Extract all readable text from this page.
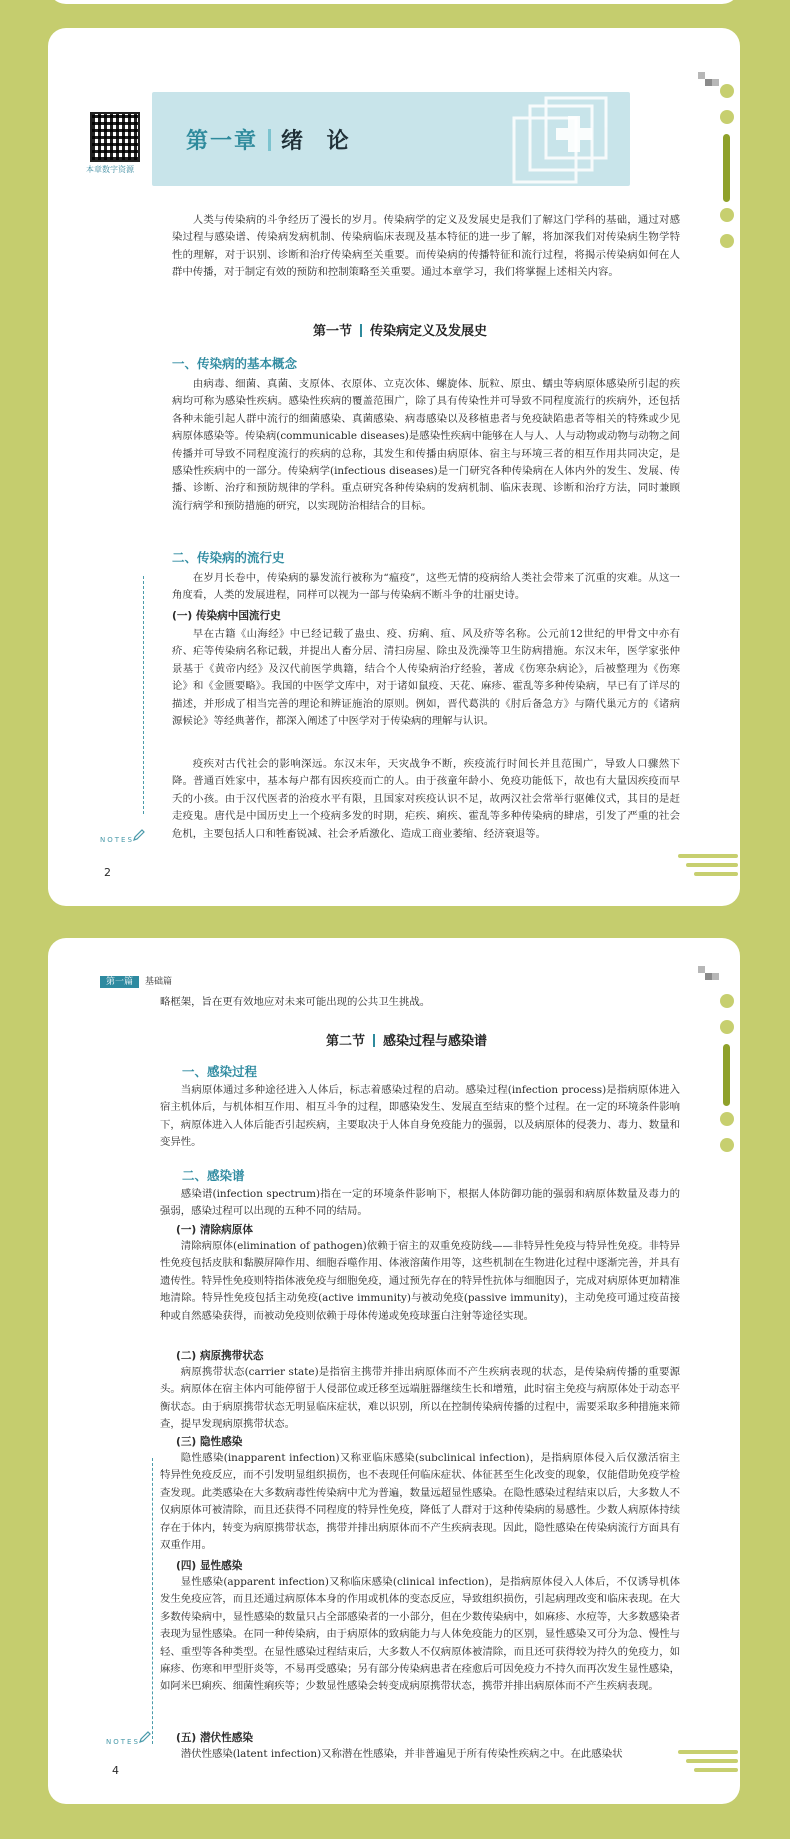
本章数字资源
第一章 绪 论

人类与传染病的斗争经历了漫长的岁月。传染病学的定义及发展史是我们了解这门学科的基础，通过对感染过程与感染谱、传染病发病机制、传染病临床表现及基本特征的进一步了解，将加深我们对传染病生物学特性的理解，对于识别、诊断和治疗传染病至关重要。而传染病的传播特征和流行过程，将揭示传染病如何在人群中传播，对于制定有效的预防和控制策略至关重要。通过本章学习，我们将掌握上述相关内容。

第一节 传染病定义及发展史
一、传染病的基本概念

由病毒、细菌、真菌、支原体、衣原体、立克次体、螺旋体、朊粒、原虫、蠕虫等病原体感染所引起的疾病均可称为感染性疾病。感染性疾病的覆盖范围广，除了具有传染性并可导致不同程度流行的疾病外，还包括各种未能引起人群中流行的细菌感染、真菌感染、病毒感染以及移植患者与免疫缺陷患者等相关的特殊或少见病原体感染等。传染病(communicable diseases)是感染性疾病中能够在人与人、人与动物或动物与动物之间传播并可导致不同程度流行的疾病的总称，其发生和传播由病原体、宿主与环境三者的相互作用共同决定，是感染性疾病中的一部分。传染病学(infectious diseases)是一门研究各种传染病在人体内外的发生、发展、传播、诊断、治疗和预防规律的学科。重点研究各种传染病的发病机制、临床表现、诊断和治疗方法，同时兼顾流行病学和预防措施的研究，以实现防治相结合的目标。

二、传染病的流行史

在岁月长卷中，传染病的暴发流行被称为“瘟疫”，这些无情的疫病给人类社会带来了沉重的灾难。从这一角度看，人类的发展进程，同样可以视为一部与传染病不断斗争的壮丽史诗。

(一) 传染病中国流行史

早在古籍《山海经》中已经记载了蛊虫、疫、疠痢、疽、风及疥等名称。公元前12世纪的甲骨文中亦有疥、疟等传染病名称记载，并提出人畜分居、清扫房屋、除虫及洗澡等卫生防病措施。东汉末年，医学家张仲景基于《黄帝内经》及汉代前医学典籍，结合个人传染病治疗经验，著成《伤寒杂病论》，后被整理为《伤寒论》和《金匮要略》。我国的中医学文库中，对于诸如鼠疫、天花、麻疹、霍乱等多种传染病，早已有了详尽的描述，并形成了相当完善的理论和辨证施治的原则。例如，晋代葛洪的《肘后备急方》与隋代巢元方的《诸病源候论》等经典著作，都深入阐述了中医学对于传染病的理解与认识。

疫疾对古代社会的影响深远。东汉末年，天灾战争不断，疾疫流行时间长并且范围广，导致人口骤然下降。普通百姓家中，基本每户都有因疾疫而亡的人。由于孩童年龄小、免疫功能低下，故也有大量因疾疫而早夭的小孩。由于汉代医者的治疫水平有限，且国家对疾疫认识不足，故两汉社会常举行驱傩仪式，其目的是赶走疫鬼。唐代是中国历史上一个疫病多发的时期，疟疾、痢疾、霍乱等多种传染病的肆虐，引发了严重的社会危机，主要包括人口和牲畜锐减、社会矛盾激化、造成工商业萎缩、经济衰退等。

NOTES
2
第一篇 基础篇

略框架，旨在更有效地应对未来可能出现的公共卫生挑战。

第二节 感染过程与感染谱
一、感染过程

当病原体通过多种途径进入人体后，标志着感染过程的启动。感染过程(infection process)是指病原体进入宿主机体后，与机体相互作用、相互斗争的过程，即感染发生、发展直至结束的整个过程。在一定的环境条件影响下，病原体进入人体后能否引起疾病，主要取决于人体自身免疫能力的强弱，以及病原体的侵袭力、毒力、数量和变异性。

二、感染谱

感染谱(infection spectrum)指在一定的环境条件影响下，根据人体防御功能的强弱和病原体数量及毒力的强弱，感染过程可以出现的五种不同的结局。

(一) 清除病原体

清除病原体(elimination of pathogen)依赖于宿主的双重免疫防线——非特异性免疫与特异性免疫。非特异性免疫包括皮肤和黏膜屏障作用、细胞吞噬作用、体液溶菌作用等，这些机制在生物进化过程中逐渐完善，并具有遗传性。特异性免疫则特指体液免疫与细胞免疫，通过预先存在的特异性抗体与细胞因子，完成对病原体更加精准地清除。特异性免疫包括主动免疫(active immunity)与被动免疫(passive immunity)，主动免疫可通过疫苗接种或自然感染获得，而被动免疫则依赖于母体传递或免疫球蛋白注射等途径实现。

(二) 病原携带状态

病原携带状态(carrier state)是指宿主携带并排出病原体而不产生疾病表现的状态，是传染病传播的重要源头。病原体在宿主体内可能停留于人侵部位或迁移至远端脏器继续生长和增殖，此时宿主免疫与病原体处于动态平衡状态。由于病原携带状态无明显临床症状，难以识别，所以在控制传染病传播的过程中，需要采取多种措施来筛查，提早发现病原携带状态。

(三) 隐性感染

隐性感染(inapparent infection)又称亚临床感染(subclinical infection)，是指病原体侵入后仅激活宿主特异性免疫反应，而不引发明显组织损伤，也不表现任何临床症状、体征甚至生化改变的现象，仅能借助免疫学检查发现。此类感染在大多数病毒性传染病中尤为普遍，数量远超显性感染。在隐性感染过程结束以后，大多数人不仅病原体可被清除，而且还获得不同程度的特异性免疫，降低了人群对于这种传染病的易感性。少数人病原体持续存在于体内，转变为病原携带状态，携带并排出病原体而不产生疾病表现。因此，隐性感染在传染病流行方面具有双重作用。

(四) 显性感染

显性感染(apparent infection)又称临床感染(clinical infection)，是指病原体侵入人体后，不仅诱导机体发生免疫应答，而且还通过病原体本身的作用或机体的变态反应，导致组织损伤，引起病理改变和临床表现。在大多数传染病中，显性感染的数量只占全部感染者的一小部分，但在少数传染病中，如麻疹、水痘等，大多数感染者表现为显性感染。在同一种传染病，由于病原体的致病能力与人体免疫能力的区别，显性感染又可分为急、慢性与轻、重型等各种类型。在显性感染过程结束后，大多数人不仅病原体被清除，而且还可获得较为持久的免疫力，如麻疹、伤寒和甲型肝炎等，不易再受感染；另有部分传染病患者在痊愈后可因免疫力不持久而再次发生显性感染，如阿米巴痢疾、细菌性痢疾等；少数显性感染会转变成病原携带状态，携带并排出病原体而不产生疾病表现。

(五) 潜伏性感染

潜伏性感染(latent infection)又称潜在性感染，并非普遍见于所有传染性疾病之中。在此感染状

NOTES
4
